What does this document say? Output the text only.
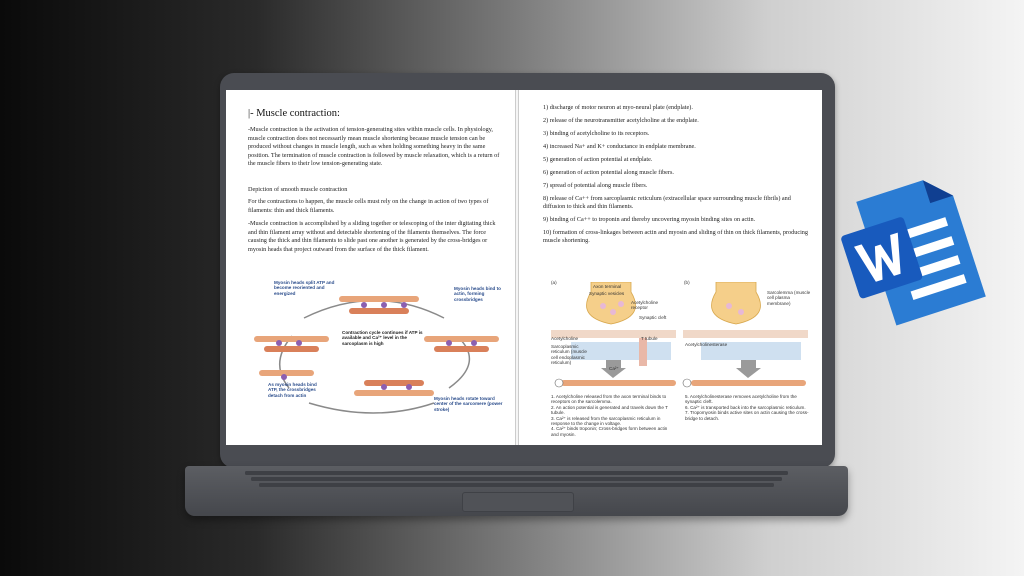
|- Muscle contraction:

-Muscle contraction is the activation of tension-generating sites within muscle cells. In physiology, muscle contraction does not necessarily mean muscle shortening because muscle tension can be produced without changes in muscle length, such as when holding something heavy in the same position. The termination of muscle contraction is followed by muscle relaxation, which is a return of the muscle fibers to their low tension-generating state.

Depiction of smooth muscle contraction

For the contractions to happen, the muscle cells must rely on the change in action of two types of filaments: thin and thick filaments.

-Muscle contraction is accomplished by a sliding together or telescoping of the inter digitating thick and thin filament array without and detectable shortening of the filaments themselves. The force causing the thick and thin filaments to slide past one another is generated by the cross-bridges or myosin heads that project outward from the surface of the thick filament.

Myosin heads split ATP and become reoriented and energized
Myosin heads bind to actin, forming crossbridges
Contraction cycle continues if ATP is available and Ca²⁺ level in the sarcoplasm is high
As myosin heads bind ATP, the crossbridges detach from actin
Myosin heads rotate toward center of the sarcomere (power stroke)
1) discharge of motor neuron at myo-neural plate (endplate).
2) release of the neurotransmitter acetylcholine at the endplate.
3) binding of acetylcholine to its receptors.
4) increased Na+ and K+ conductance in endplate membrane.
5) generation of action potential at endplate.
6) generation of action potential along muscle fibers.
7) spread of potential along muscle fibers.
8) release of Ca++ from sarcoplasmic reticulum (extracellular space surrounding muscle fibrils) and diffusion to thick and thin filaments.
9) binding of Ca++ to troponin and thereby uncovering myosin binding sites on actin.
10) formation of cross-linkages between actin and myosin and sliding of thin on thick filaments, producing muscle shortening.
(a)	(b)
Axon terminal
Synaptic vesicles
Acetylcholine receptor
Synaptic cleft
Sarcolemma (muscle cell plasma membrane)
Acetylcholine	T tubule
Sarcoplasmic reticulum (muscle cell endoplasmic reticulum)
Acetylcholinesterase
Ca²⁺
1. Acetylcholine released from the axon terminal binds to receptors on the sarcolemma.
2. An action potential is generated and travels down the T tubule.
3. Ca²⁺ is released from the sarcoplasmic reticulum in response to the change in voltage.
4. Ca²⁺ binds troponin; Cross-bridges form between actin and myosin.
5. Acetylcholinesterase removes acetylcholine from the synaptic cleft.
6. Ca²⁺ is transported back into the sarcoplasmic reticulum.
7. Tropomyosin binds active sites on actin causing the cross-bridge to detach.
